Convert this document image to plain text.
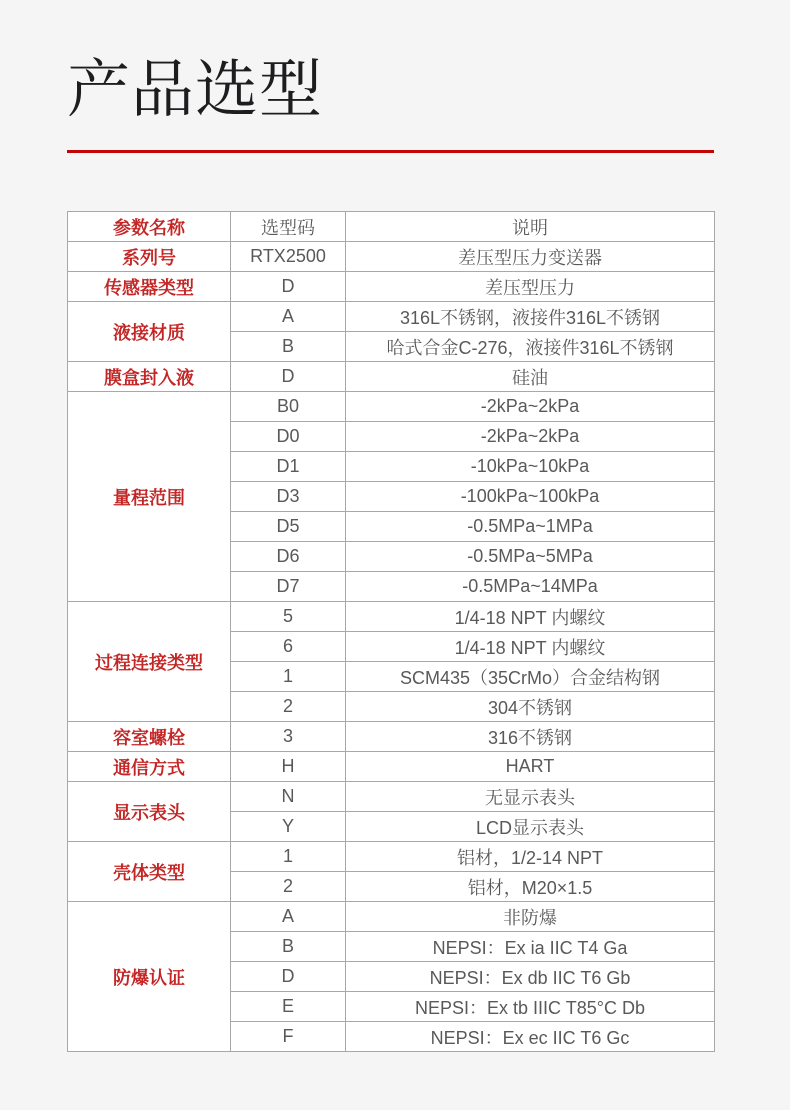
产品选型
参数名称	选型码	说明
系列号	RTX2500	差压型压力变送器
传感器类型	D	差压型压力
液接材质	A	316L不锈钢，液接件316L不锈钢
	B	哈式合金C-276，液接件316L不锈钢
膜盒封入液	D	硅油
量程范围	B0	-2kPa~2kPa
	D0	-2kPa~2kPa
	D1	-10kPa~10kPa
	D3	-100kPa~100kPa
	D5	-0.5MPa~1MPa
	D6	-0.5MPa~5MPa
	D7	-0.5MPa~14MPa
过程连接类型	5	1/4-18 NPT 内螺纹
	6	1/4-18 NPT 内螺纹
	1	SCM435（35CrMo）合金结构钢
	2	304不锈钢
容室螺栓	3	316不锈钢
通信方式	H	HART
显示表头	N	无显示表头
	Y	LCD显示表头
壳体类型	1	铝材，1/2-14 NPT
	2	铝材，M20×1.5
防爆认证	A	非防爆
	B	NEPSI：Ex ia IIC T4 Ga
	D	NEPSI：Ex db IIC T6 Gb
	E	NEPSI：Ex tb IIIC T85°C Db
	F	NEPSI：Ex ec IIC T6 Gc
